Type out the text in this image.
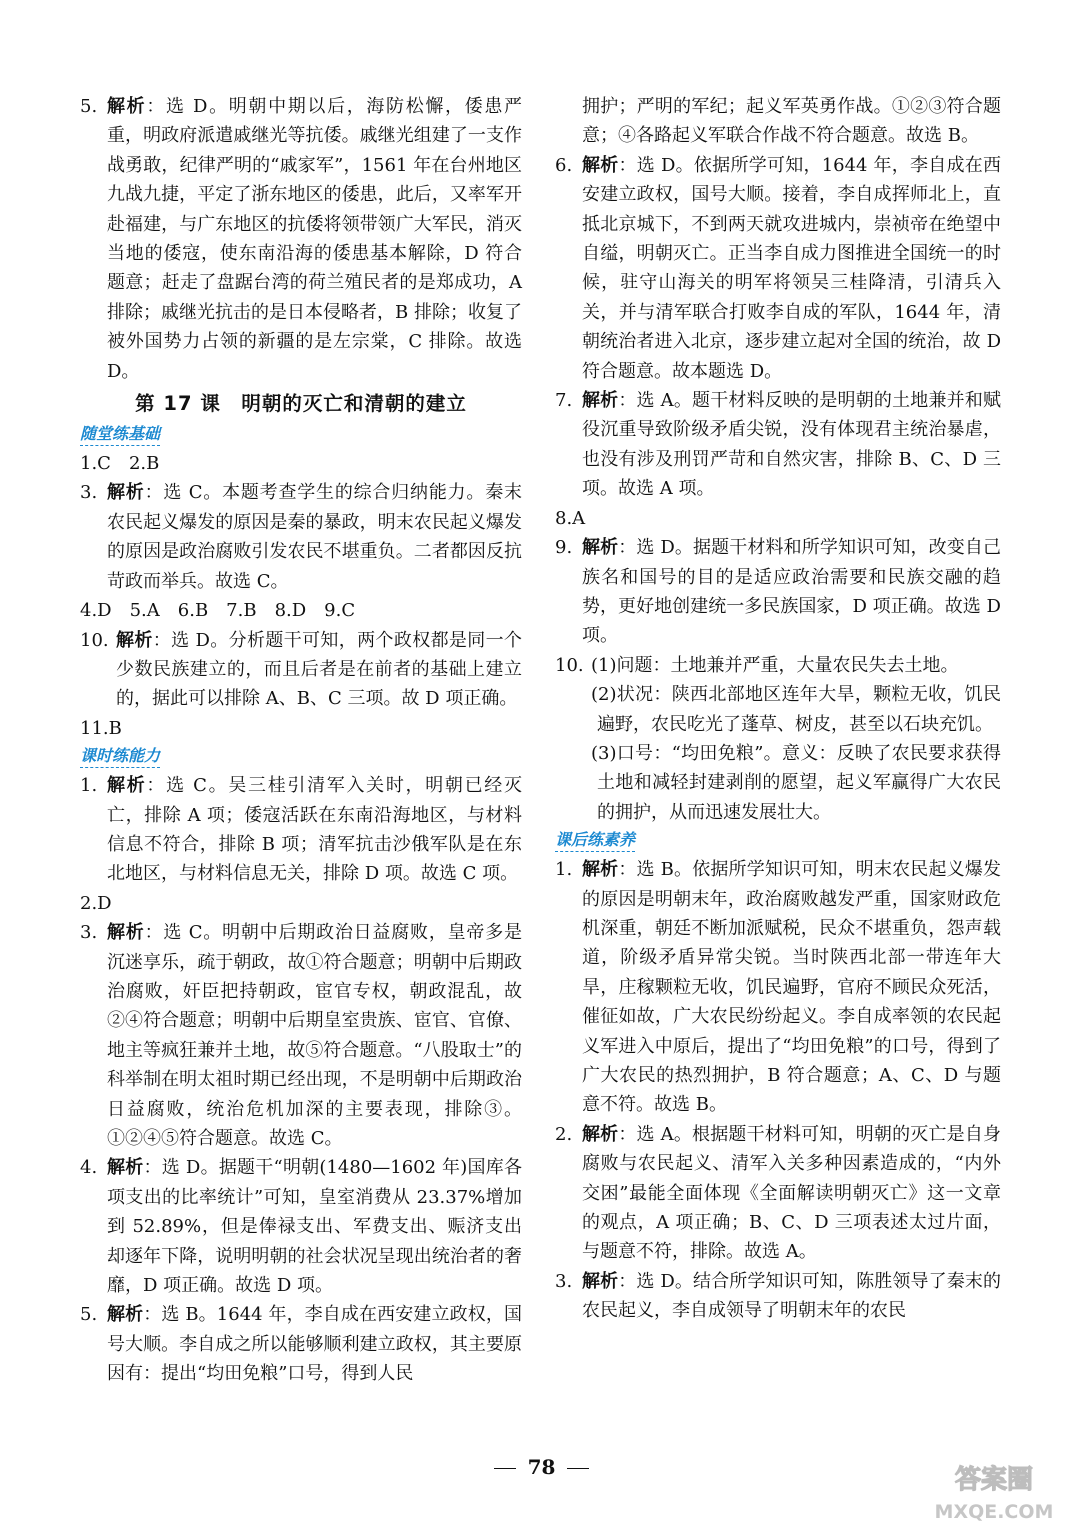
5. 解析：选 D。明朝中期以后，海防松懈，倭患严重，明政府派遣戚继光等抗倭。戚继光组建了一支作战勇敢，纪律严明的“戚家军”，1561 年在台州地区九战九捷，平定了浙东地区的倭患，此后，又率军开赴福建，与广东地区的抗倭将领带领广大军民，消灭当地的倭寇，使东南沿海的倭患基本解除，D 符合题意；赶走了盘踞台湾的荷兰殖民者的是郑成功，A 排除；戚继光抗击的是日本侵略者，B 排除；收复了被外国势力占领的新疆的是左宗棠，C 排除。故选 D。
第 17 课　明朝的灭亡和清朝的建立
随堂练基础
1.C　2.B
3. 解析：选 C。本题考查学生的综合归纳能力。秦末农民起义爆发的原因是秦的暴政，明末农民起义爆发的原因是政治腐败引发农民不堪重负。二者都因反抗苛政而举兵。故选 C。
4.D　5.A　6.B　7.B　8.D　9.C
10. 解析：选 D。分析题干可知，两个政权都是同一个少数民族建立的，而且后者是在前者的基础上建立的，据此可以排除 A、B、C 三项。故 D 项正确。
11.B
课时练能力
1. 解析：选 C。吴三桂引清军入关时，明朝已经灭亡，排除 A 项；倭寇活跃在东南沿海地区，与材料信息不符合，排除 B 项；清军抗击沙俄军队是在东北地区，与材料信息无关，排除 D 项。故选 C 项。
2.D
3. 解析：选 C。明朝中后期政治日益腐败，皇帝多是沉迷享乐，疏于朝政，故①符合题意；明朝中后期政治腐败，奸臣把持朝政，宦官专权，朝政混乱，故②④符合题意；明朝中后期皇室贵族、宦官、官僚、地主等疯狂兼并土地，故⑤符合题意。“八股取士”的科举制在明太祖时期已经出现，不是明朝中后期政治日益腐败，统治危机加深的主要表现，排除③。①②④⑤符合题意。故选 C。
4. 解析：选 D。据题干“明朝(1480—1602 年)国库各项支出的比率统计”可知，皇室消费从 23.37%增加到 52.89%，但是俸禄支出、军费支出、赈济支出却逐年下降，说明明朝的社会状况呈现出统治者的奢靡，D 项正确。故选 D 项。
5. 解析：选 B。1644 年，李自成在西安建立政权，国号大顺。李自成之所以能够顺利建立政权，其主要原因有：提出“均田免粮”口号，得到人民
拥护；严明的军纪；起义军英勇作战。①②③符合题意；④各路起义军联合作战不符合题意。故选 B。
6. 解析：选 D。依据所学可知，1644 年，李自成在西安建立政权，国号大顺。接着，李自成挥师北上，直抵北京城下，不到两天就攻进城内，崇祯帝在绝望中自缢，明朝灭亡。正当李自成力图推进全国统一的时候，驻守山海关的明军将领吴三桂降清，引清兵入关，并与清军联合打败李自成的军队，1644 年，清朝统治者进入北京，逐步建立起对全国的统治，故 D 符合题意。故本题选 D。
7. 解析：选 A。题干材料反映的是明朝的土地兼并和赋役沉重导致阶级矛盾尖锐，没有体现君主统治暴虐，也没有涉及刑罚严苛和自然灾害，排除 B、C、D 三项。故选 A 项。
8.A
9. 解析：选 D。据题干材料和所学知识可知，改变自己族名和国号的目的是适应政治需要和民族交融的趋势，更好地创建统一多民族国家，D 项正确。故选 D 项。
10. (1)问题：土地兼并严重，大量农民失去土地。
(2)状况：陕西北部地区连年大旱，颗粒无收，饥民遍野，农民吃光了蓬草、树皮，甚至以石块充饥。
(3)口号：“均田免粮”。意义：反映了农民要求获得土地和减轻封建剥削的愿望，起义军赢得广大农民的拥护，从而迅速发展壮大。
课后练素养
1. 解析：选 B。依据所学知识可知，明末农民起义爆发的原因是明朝末年，政治腐败越发严重，国家财政危机深重，朝廷不断加派赋税，民众不堪重负，怨声载道，阶级矛盾异常尖锐。当时陕西北部一带连年大旱，庄稼颗粒无收，饥民遍野，官府不顾民众死活，催征如故，广大农民纷纷起义。李自成率领的农民起义军进入中原后，提出了“均田免粮”的口号，得到了广大农民的热烈拥护，B 符合题意；A、C、D 与题意不符。故选 B。
2. 解析：选 A。根据题干材料可知，明朝的灭亡是自身腐败与农民起义、清军入关多种因素造成的，“内外交困”最能全面体现《全面解读明朝灭亡》这一文章的观点，A 项正确；B、C、D 三项表述太过片面，与题意不符，排除。故选 A。
3. 解析：选 D。结合所学知识可知，陈胜领导了秦末的农民起义，李自成领导了明朝末年的农民
78	答案圈
MXQE.COM
